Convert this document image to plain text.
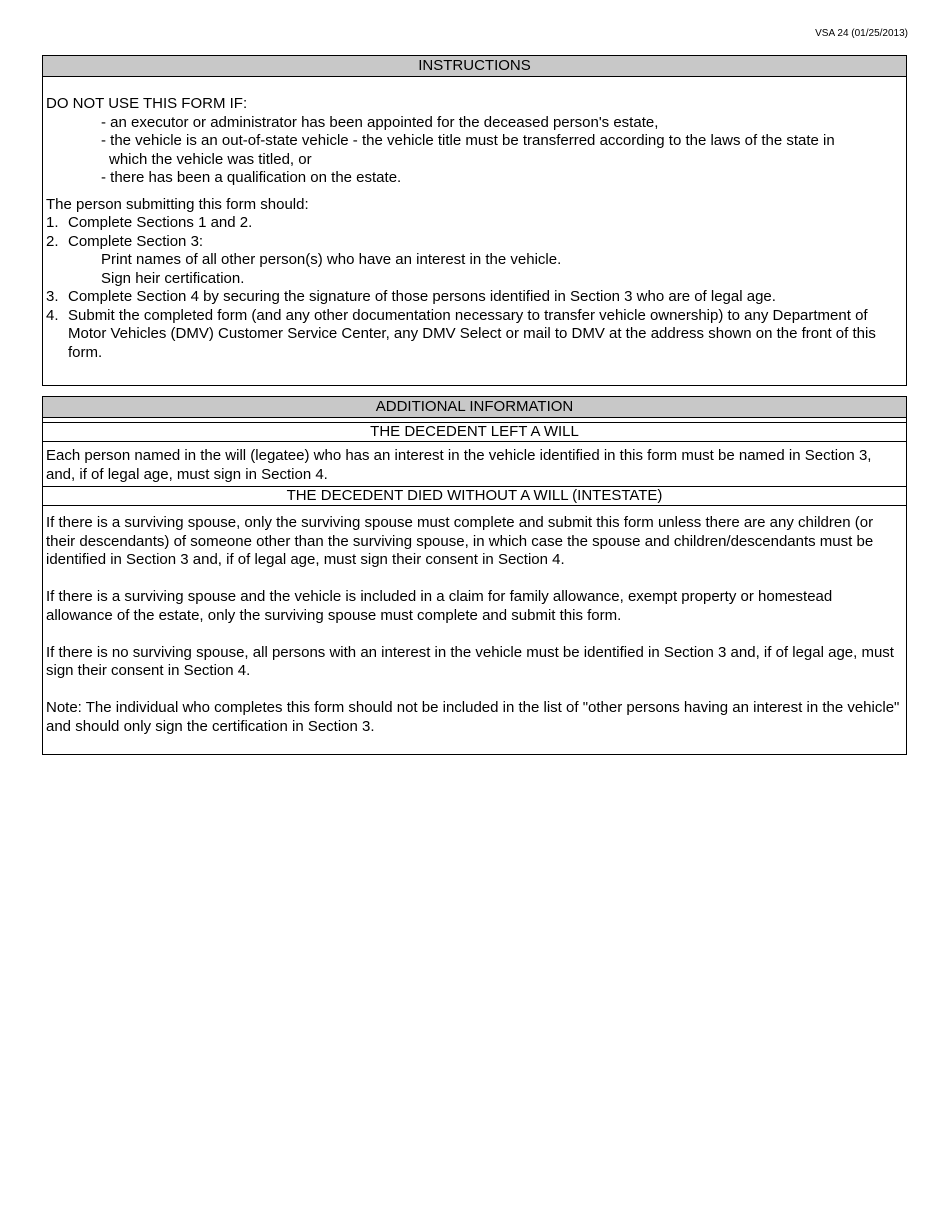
VSA 24 (01/25/2013)
INSTRUCTIONS
DO NOT USE THIS FORM IF:
- an executor or administrator has been appointed for the deceased person's estate,
- the vehicle is an out-of-state vehicle - the vehicle title must be transferred according to the laws of the state in
which the vehicle was titled, or
- there has been a qualification on the estate.
The person submitting this form should:
1. Complete Sections 1 and 2.
2. Complete Section 3:
Print names of all other person(s) who have an interest in the vehicle.
Sign heir certification.
3. Complete Section 4 by securing the signature of those persons identified in Section 3 who are of legal age.
4. Submit the completed form (and any other documentation necessary to transfer vehicle ownership) to any Department of Motor Vehicles (DMV) Customer Service Center, any DMV Select or mail to DMV at the address shown on the front of this form.
ADDITIONAL INFORMATION
THE DECEDENT LEFT A WILL
Each person named in the will (legatee) who has an interest in the vehicle identified in this form must be named in Section 3, and, if of legal age, must sign in Section 4.
THE DECEDENT DIED WITHOUT A WILL (INTESTATE)
If there is a surviving spouse, only the surviving spouse must complete and submit this form unless there are any children (or their descendants) of someone other than the surviving spouse, in which case the spouse and children/descendants must be identified in Section 3 and, if of legal age, must sign their consent in Section 4.
If there is a surviving spouse and the vehicle is included in a claim for family allowance, exempt property or homestead allowance of the estate, only the surviving spouse must complete and submit this form.
If there is no surviving spouse, all persons with an interest in the vehicle must be identified in Section 3 and, if of legal age, must sign their consent in Section 4.
Note: The individual who completes this form should not be included in the list of "other persons having an interest in the vehicle" and should only sign the certification in Section 3.
